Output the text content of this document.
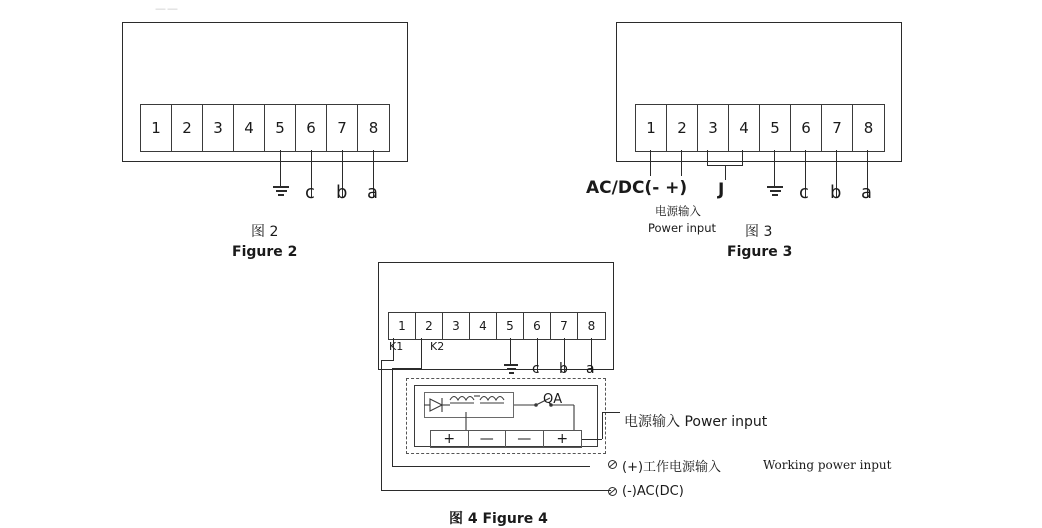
——
1	2	3	4	5	6	7	8
c b a
图 2
Figure 2
1	2	3	4	5	6	7	8
AC/DC(- +) J	c b a
电源输入
Power input 图 3
Figure 3
1	2	3	4	5	6	7	8
K1 K2
c b a
QA
+	—	—	+
电源输入 Power input
(+)工作电源输入	Working power input
(-)AC(DC)
图 4 Figure 4
